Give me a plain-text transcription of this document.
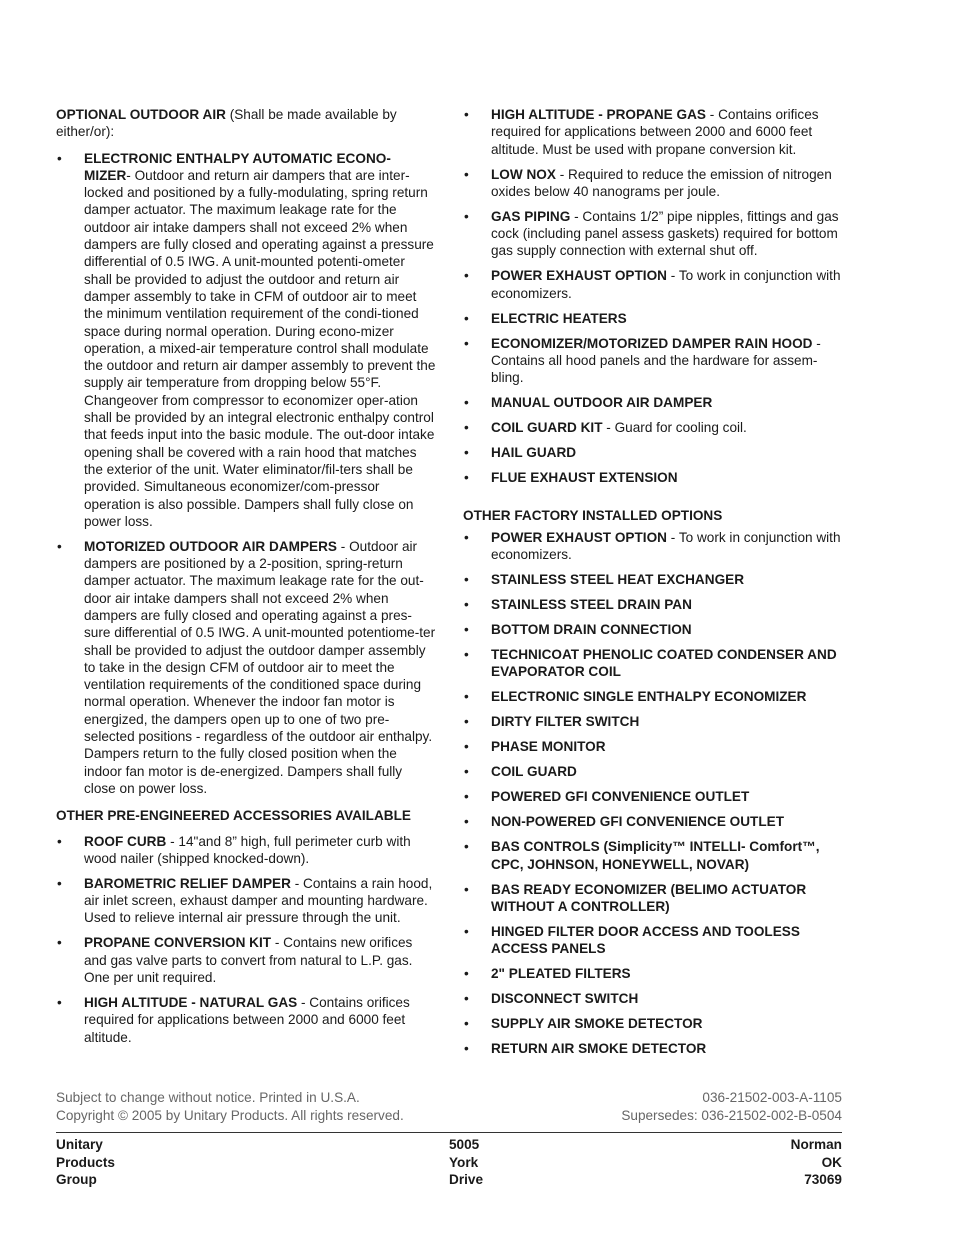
OPTIONAL OUTDOOR AIR (Shall be made available by either/or):

• ELECTRONIC ENTHALPY AUTOMATIC ECONO-MIZER- Outdoor and return air dampers that are inter-locked and positioned by a fully-modulating, spring return damper actuator. The maximum leakage rate for the outdoor air intake dampers shall not exceed 2% when dampers are fully closed and operating against a pressure differential of 0.5 IWG. A unit-mounted potenti-ometer shall be provided to adjust the outdoor and return air damper assembly to take in CFM of outdoor air to meet the minimum ventilation requirement of the condi-tioned space during normal operation. During econo-mizer operation, a mixed-air temperature control shall modulate the outdoor and return air damper assembly to prevent the supply air temperature from dropping below 55°F. Changeover from compressor to economizer oper-ation shall be provided by an integral electronic enthalpy control that feeds input into the basic module. The out-door intake opening shall be covered with a rain hood that matches the exterior of the unit. Water eliminator/fil-ters shall be provided. Simultaneous economizer/com-pressor operation is also possible. Dampers shall fully close on power loss.
• MOTORIZED OUTDOOR AIR DAMPERS - Outdoor air dampers are positioned by a 2-position, spring-return damper actuator. The maximum leakage rate for the out-door air intake dampers shall not exceed 2% when dampers are fully closed and operating against a pres-sure differential of 0.5 IWG. A unit-mounted potentiome-ter shall be provided to adjust the outdoor damper assembly to take in the design CFM of outdoor air to meet the ventilation requirements of the conditioned space during normal operation. Whenever the indoor fan motor is energized, the dampers open up to one of two pre-selected positions - regardless of the outdoor air enthalpy. Dampers return to the fully closed position when the indoor fan motor is de-energized. Dampers shall fully close on power loss.

OTHER PRE-ENGINEERED ACCESSORIES AVAILABLE

• ROOF CURB - 14"and 8” high, full perimeter curb with wood nailer (shipped knocked-down).
• BAROMETRIC RELIEF DAMPER - Contains a rain hood, air inlet screen, exhaust damper and mounting hardware. Used to relieve internal air pressure through the unit.
• PROPANE CONVERSION KIT - Contains new orifices and gas valve parts to convert from natural to L.P. gas. One per unit required.
• HIGH ALTITUDE - NATURAL GAS - Contains orifices required for applications between 2000 and 6000 feet altitude.
• HIGH ALTITUDE - PROPANE GAS - Contains orifices required for applications between 2000 and 6000 feet altitude. Must be used with propane conversion kit.
• LOW NOX - Required to reduce the emission of nitrogen oxides below 40 nanograms per joule.
• GAS PIPING - Contains 1/2” pipe nipples, fittings and gas cock (including panel assess gaskets) required for bottom gas supply connection with external shut off.
• POWER EXHAUST OPTION - To work in conjunction with economizers.
• ELECTRIC HEATERS
• ECONOMIZER/MOTORIZED DAMPER RAIN HOOD - Contains all hood panels and the hardware for assem-bling.
• MANUAL OUTDOOR AIR DAMPER
• COIL GUARD KIT - Guard for cooling coil.
• HAIL GUARD
• FLUE EXHAUST EXTENSION

OTHER FACTORY INSTALLED OPTIONS

• POWER EXHAUST OPTION - To work in conjunction with economizers.
• STAINLESS STEEL HEAT EXCHANGER
• STAINLESS STEEL DRAIN PAN
• BOTTOM DRAIN CONNECTION
• TECHNICOAT PHENOLIC COATED CONDENSER AND EVAPORATOR COIL
• ELECTRONIC SINGLE ENTHALPY ECONOMIZER
• DIRTY FILTER SWITCH
• PHASE MONITOR
• COIL GUARD
• POWERED GFI CONVENIENCE OUTLET
• NON-POWERED GFI CONVENIENCE OUTLET
• BAS CONTROLS (Simplicity™ INTELLI- Comfort™, CPC, JOHNSON, HONEYWELL, NOVAR)
• BAS READY ECONOMIZER (BELIMO ACTUATOR WITHOUT A CONTROLLER)
• HINGED FILTER DOOR ACCESS AND TOOLESS ACCESS PANELS
• 2" PLEATED FILTERS
• DISCONNECT SWITCH
• SUPPLY AIR SMOKE DETECTOR
• RETURN AIR SMOKE DETECTOR
Subject to change without notice. Printed in U.S.A.
Copyright © 2005 by Unitary Products. All rights reserved.
036-21502-003-A-1105
Supersedes: 036-21502-002-B-0504
Unitary
Products
Group
5005
York
Drive
Norman
OK
73069
